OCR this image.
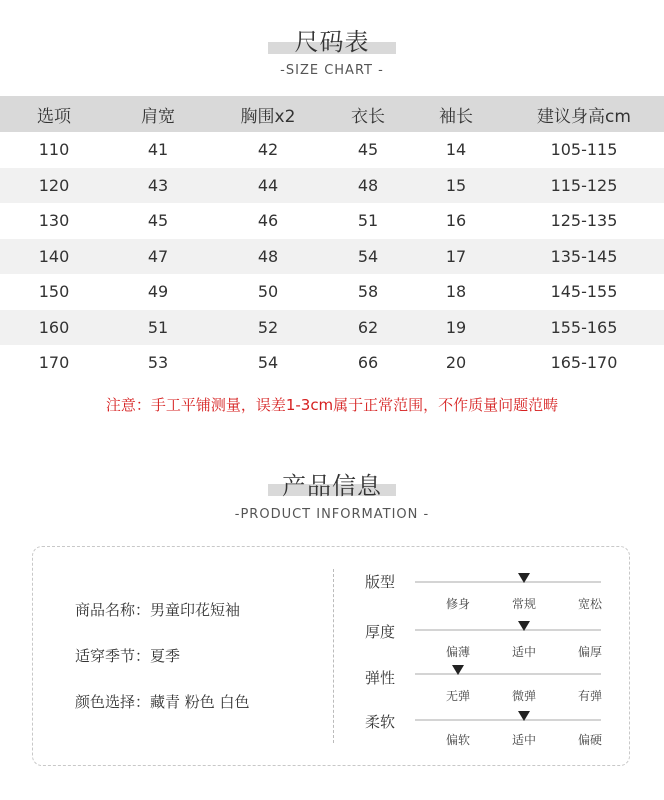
尺码表
-SIZE CHART -
选项	肩宽	胸围x2	衣长	袖长	建议身高cm
110	41	42	45	14	105-115
120	43	44	48	15	115-125
130	45	46	51	16	125-135
140	47	48	54	17	135-145
150	49	50	58	18	145-155
160	51	52	62	19	155-165
170	53	54	66	20	165-170
注意：手工平铺测量，误差1-3cm属于正常范围，不作质量问题范畴
产品信息
-PRODUCT INFORMATION -
商品名称：男童印花短袖
适穿季节：夏季
颜色选择：藏青 粉色 白色
版型
修身	常规	宽松
厚度
偏薄	适中	偏厚
弹性
无弹	微弹	有弹
柔软
偏软	适中	偏硬
